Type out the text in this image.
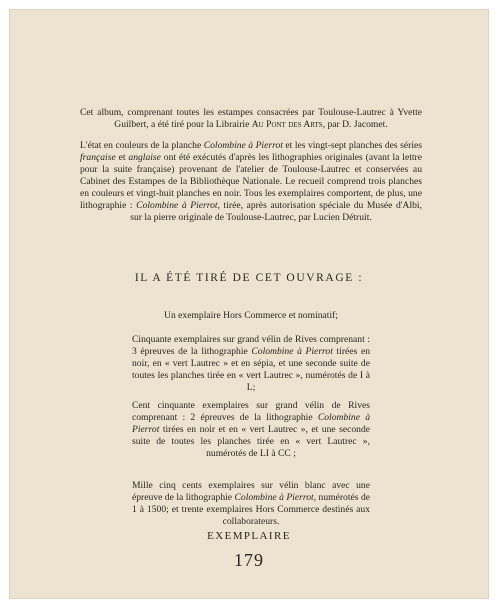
Cet album, comprenant toutes les estampes consacrées par Toulouse-Lautrec à Yvette Guilbert, a été tiré pour la Librairie Au Pont des Arts, par D. Jacomet.

L'état en couleurs de la planche Colombine à Pierrot et les vingt-sept planches des séries française et anglaise ont été exécutés d'après les lithographies originales (avant la lettre pour la suite française) provenant de l'atelier de Toulouse-Lautrec et conservées au Cabinet des Estampes de la Bibliothèque Nationale. Le recueil comprend trois planches en couleurs et vingt-huit planches en noir. Tous les exemplaires comportent, de plus, une lithographie : Colombine à Pierrot, tirée, après autorisation spéciale du Musée d'Albi, sur la pierre originale de Toulouse-Lautrec, par Lucien Détruit.

IL A ÉTÉ TIRÉ DE CET OUVRAGE :

Un exemplaire Hors Commerce et nominatif;

Cinquante exemplaires sur grand vélin de Rives comprenant : 3 épreuves de la lithographie Colombine à Pierrot tirées en noir, en « vert Lautrec » et en sépia, et une seconde suite de toutes les planches tirée en « vert Lautrec », numérotés de I à L;

Cent cinquante exemplaires sur grand vélin de Rives comprenant : 2 épreuves de la lithographie Colombine à Pierrot tirées en noir et en « vert Lautrec », et une seconde suite de toutes les planches tirée en « vert Lautrec », numérotés de LI à CC ;

Mille cinq cents exemplaires sur vélin blanc avec une épreuve de la lithographie Colombine à Pierrot, numérotés de 1 à 1500; et trente exemplaires Hors Commerce destinés aux collaborateurs.

EXEMPLAIRE
179
